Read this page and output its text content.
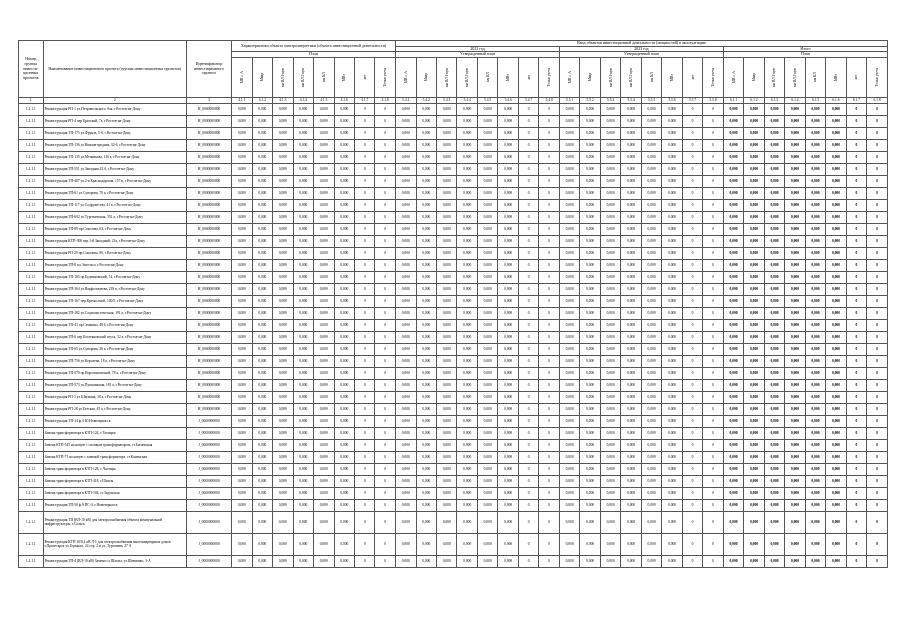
Номер группы инвести-ционных проектов	Наименование инвестиционного проекта (группы инвестиционных проектов)	Идентификатор инвестиционного проекта	Характеристики объекта электроэнергетики (объекта инвестиционной деятельности)								Ввод объектов инвестиционной деятельности (мощностей) в эксплуатацию																							
											2021 год								2023 год								Итого							
			План								Утвержденный план								Утвержденный план								План							

			МВ×А	Мвар	км ВЛ 1-цеп	км ВЛ 2-цеп	км КЛ	МВт	шт	Точки учета	МВ×А	Мвар	км ВЛ 1-цеп	км ВЛ 2-цеп	км КЛ	МВт	шт	Точки учета	МВ×А	Мвар	км ВЛ 1-цеп	км ВЛ 2-цеп	км КЛ	МВт	шт	Точки учета	МВ×А	Мвар	км ВЛ 1-цеп	км ВЛ 2-цеп	км КЛ	МВт	шт	Точки учета

1	2	3	4.1.1	4.1.2	4.1.3	4.1.4	4.1.5	4.1.6	4.1.7	4.1.8	5.4.1	5.4.2	5.4.3	5.4.4	5.4.5	5.4.6	5.4.7	5.4.8	5.5.1	5.5.2	5.5.3	5.5.4	5.5.5	5.5.6	5.5.7	5.5.8	6.1.1	6.1.2	6.1.3	6.1.4	6.1.5	6.1.6	6.1.7	6.1.8
1.2.1.1	Реконструкция РП-1 ул.Петровольского, бак. г.Ростов-на-Дону	H_0000000000	0,000	0,000	0,000	0,000	0,000	0,000	0	0	0,000	0,000	0,000	0,000	0,000	0,000	0	0	0,000	0,000	0,000	0,000	0,000	0,000	0	0	0,000	0,000	0,000	0,000	0,000	0,000	0	0
1.2.1.1	Реконструкция РП-4 пер.Братский, 7а, г.Ростов-на-Дону	H_0000000000	0,000	0,000	0,000	0,000	0,000	0,000	0	0	0,000	0,000	0,000	0,000	0,000	0,000	0	0	0,000	0,000	0,000	0,000	0,000	0,000	0	0	0,000	0,000	0,000	0,000	0,000	0,000	0	0
1.2.1.1	Реконструкция ТП-175 ул.Фрунзе, 5-б, г.Ростов-на-Дону	H_0000000000	0,000	0,000	0,000	0,000	0,000	0,000	0	0	0,000	0,000	0,000	0,000	0,000	0,000	0	0	0,000	0,000	0,000	0,000	0,000	0,000	0	0	0,000	0,000	0,000	0,000	0,000	0,000	0	0
1.2.1.1	Реконструкция ТП-136 ул.Нижнегородная, 32-б, г.Ростов-на-Дону	H_0000000000	0,000	0,000	0,000	0,000	0,000	0,000	0	0	0,000	0,000	0,000	0,000	0,000	0,000	0	0	0,000	0,000	0,000	0,000	0,000	0,000	0	0	0,000	0,000	0,000	0,000	0,000	0,000	0	0
1.2.1.1	Реконструкция ТП-135 ул.Мечникова, 116 а, г.Ростов-на-Дону	H_0000000000	0,000	0,000	0,000	0,000	0,000	0,000	0	0	0,000	0,000	0,000	0,000	0,000	0,000	0	0	0,000	0,000	0,000	0,000	0,000	0,000	0	0	0,000	0,000	0,000	0,000	0,000	0,000	0	0
1.2.1.1	Реконструкция ТП-551 ул.Западная 22 б, г.Ростов-на-Дону	H_0000000000	0,000	0,000	0,000	0,000	0,000	0,000	0	0	0,000	0,000	0,000	0,000	0,000	0,000	0	0	0,000	0,000	0,000	0,000	0,000	0,000	0	0	0,000	0,000	0,000	0,000	0,000	0,000	0	0
1.2.1.1	Реконструкция ТП-407 ул.2-я Краснодарская, 157 в, г.Ростов-на-Дону	H_0000000000	0,000	0,000	0,000	0,000	0,000	0,000	0	0	0,000	0,000	0,000	0,000	0,000	0,000	0	0	0,000	0,000	0,000	0,000	0,000	0,000	0	0	0,000	0,000	0,000	0,000	0,000	0,000	0	0
1.2.1.1	Реконструкция ТП-61 ул.Суворова, 70 а, г.Ростов-на-Дону	H_0000000000	0,000	0,000	0,000	0,000	0,000	0,000	0	0	0,000	0,000	0,000	0,000	0,000	0,000	0	0	0,000	0,000	0,000	0,000	0,000	0,000	0	0	0,000	0,000	0,000	0,000	0,000	0,000	0	0
1.2.1.1	Реконструкция ТП-117 ул.Содружества, 41 в, г.Ростов-на-Дону	H_0000000000	0,000	0,000	0,000	0,000	0,000	0,000	0	0	0,000	0,000	0,000	0,000	0,000	0,000	0	0	0,000	0,000	0,000	0,000	0,000	0,000	0	0	0,000	0,000	0,000	0,000	0,000	0,000	0	0
1.2.1.1	Реконструкция ТП-602 ул.Тургеневская, 351 а, г.Ростов-на-Дону	H_0000000000	0,000	0,000	0,000	0,000	0,000	0,000	0	0	0,000	0,000	0,000	0,000	0,000	0,000	0	0	0,000	0,000	0,000	0,000	0,000	0,000	0	0	0,000	0,000	0,000	0,000	0,000	0,000	0	0
1.2.1.1	Реконструкция ТП-89 пр.Соколова, 63, г.Ростов-на-Дону	H_0000000000	0,000	0,000	0,000	0,000	0,000	0,000	0	0	0,000	0,000	0,000	0,000	0,000	0,000	0	0	0,000	0,000	0,000	0,000	0,000	0,000	0	0	0,000	0,000	0,000	0,000	0,000	0,000	0	0
1.2.1.1	Реконструкция КТП-300 пер.1-й Западный, 21а, г.Ростов-на-Дону	H_0000000000	0,000	0,000	0,000	0,000	0,000	0,000	0	0	0,000	0,000	0,000	0,000	0,000	0,000	0	0	0,000	0,000	0,000	0,000	0,000	0,000	0	0	0,000	0,000	0,000	0,000	0,000	0,000	0	0
1.2.1.1	Реконструкция РП-29 пр.Соколова, 80, г.Ростов-на-Дону	H_0000000000	0,000	0,000	0,000	0,000	0,000	0,000	0	0	0,000	0,000	0,000	0,000	0,000	0,000	0	0	0,000	0,000	0,000	0,000	0,000	0,000	0	0	0,000	0,000	0,000	0,000	0,000	0,000	0	0
1.2.1.1	Реконструкция ТП-8 пл.Энгельса, г.Ростов-на-Дону	H_0000000000	0,000	0,000	0,000	0,000	0,000	0,000	0	0	0,000	0,000	0,000	0,000	0,000	0,000	0	0	0,000	0,000	0,000	0,000	0,000	0,000	0	0	0,000	0,000	0,000	0,000	0,000	0,000	0	0
1.2.1.1	Реконструкция ТП-165 пр.Буденновский, 74, г.Ростов-на-Дону	H_0000000000	0,000	0,000	0,000	0,000	0,000	0,000	0	0	0,000	0,000	0,000	0,000	0,000	0,000	0	0	0,000	0,000	0,000	0,000	0,000	0,000	0	0	0,000	0,000	0,000	0,000	0,000	0,000	0	0
1.2.1.1	Реконструкция ТП-364 ул.Варфоломеева, 218 в, г.Ростов-на-Дону	H_0000000000	0,000	0,000	0,000	0,000	0,000	0,000	0	0	0,000	0,000	0,000	0,000	0,000	0,000	0	0	0,000	0,000	0,000	0,000	0,000	0,000	0	0	0,000	0,000	0,000	0,000	0,000	0,000	0	0
1.2.1.1	Реконструкция ТП-167 пер.Крепостной, 100/5, г.Ростов-на-Дону	H_0000000000	0,000	0,000	0,000	0,000	0,000	0,000	0	0	0,000	0,000	0,000	0,000	0,000	0,000	0	0	0,000	0,000	0,000	0,000	0,000	0,000	0	0	0,000	0,000	0,000	0,000	0,000	0,000	0	0
1.2.1.1	Реконструкция ТП-182 ул.Социалистическая, 191 а, г.Ростов-на-Дону	H_0000000000	0,000	0,000	0,000	0,000	0,000	0,000	0	0	0,000	0,000	0,000	0,000	0,000	0,000	0	0	0,000	0,000	0,000	0,000	0,000	0,000	0	0	0,000	0,000	0,000	0,000	0,000	0,000	0	0
1.2.1.1	Реконструкция ТП-41 пр.Семашко, 48 б, г.Ростов-на-Дону	H_0000000000	0,000	0,000	0,000	0,000	0,000	0,000	0	0	0,000	0,000	0,000	0,000	0,000	0,000	0	0	0,000	0,000	0,000	0,000	0,000	0,000	0	0	0,000	0,000	0,000	0,000	0,000	0,000	0	0
1.2.1.1	Реконструкция ТП-6 пер.Богатяновский спуск, 32 а, г.Ростов-на-Дону	H_0000000000	0,000	0,000	0,000	0,000	0,000	0,000	0	0	0,000	0,000	0,000	0,000	0,000	0,000	0	0	0,000	0,000	0,000	0,000	0,000	0,000	0	0	0,000	0,000	0,000	0,000	0,000	0,000	0	0
1.2.1.1	Реконструкция ТП-65 ул.Суворова, 26 а, г.Ростов-на-Дону	H_0000000000	0,000	0,000	0,000	0,000	0,000	0,000	0	0	0,000	0,000	0,000	0,000	0,000	0,000	0	0	0,000	0,000	0,000	0,000	0,000	0,000	0	0	0,000	0,000	0,000	0,000	0,000	0,000	0	0
1.2.1.1	Реконструкция ТП-756 ул.Королева, 18 а, г.Ростов-на-Дону	H_0000000000	0,000	0,000	0,000	0,000	0,000	0,000	0	0	0,000	0,000	0,000	0,000	0,000	0,000	0	0	0,000	0,000	0,000	0,000	0,000	0,000	0	0	0,000	0,000	0,000	0,000	0,000	0,000	0	0
1.2.1.1	Реконструкция ТП-570 пр.Ворошиловский, 78 а, г.Ростов-на-Дону	H_0000000000	0,000	0,000	0,000	0,000	0,000	0,000	0	0	0,000	0,000	0,000	0,000	0,000	0,000	0	0	0,000	0,000	0,000	0,000	0,000	0,000	0	0	0,000	0,000	0,000	0,000	0,000	0,000	0	0
1.2.1.1	Реконструкция ТП-573 ул.Пушкинская, 181 а, г.Ростов-на-Дону	H_0000000000	0,000	0,000	0,000	0,000	0,000	0,000	0	0	0,000	0,000	0,000	0,000	0,000	0,000	0	0	0,000	0,000	0,000	0,000	0,000	0,000	0	0	0,000	0,000	0,000	0,000	0,000	0,000	0	0
1.2.1.1	Реконструкция РП-3 ул.Шаумяна, 18 а, г.Ростов-на-Дону	H_0000000000	0,000	0,000	0,000	0,000	0,000	0,000	0	0	0,000	0,000	0,000	0,000	0,000	0,000	0	0	0,000	0,000	0,000	0,000	0,000	0,000	0	0	0,000	0,000	0,000	0,000	0,000	0,000	0	0
1.2.1.1	Реконструкция РП-28 ул.Бетская, 45 а, г.Ростов-на-Дону	H_0000000000	0,000	0,000	0,000	0,000	0,000	0,000	0	0	0,000	0,000	0,000	0,000	0,000	0,000	0	0	0,000	0,000	0,000	0,000	0,000	0,000	0	0	0,000	0,000	0,000	0,000	0,000	0,000	0	0
1.2.1.1	Реконструкция ТП-14 ф.4 Ю.Новочеркасск	J_0000000000	0,000	0,000	0,000	0,000	0,000	0,000	0	0	0,000	0,000	0,000	0,000	0,000	0,000	0	0	0,000	0,000	0,000	0,000	0,000	0,000	0	0	0,000	0,000	0,000	0,000	0,000	0,000	0	0
1.2.1.1	Замена трансформатора в КТП-124, г.Таганрог	J_0000000000	0,000	0,000	0,000	0,000	0,000	0,000	0	0	0,000	0,000	0,000	0,000	0,000	0,000	0	0	0,000	0,000	0,000	0,000	0,000	0,000	0	0	0,000	0,000	0,000	0,000	0,000	0,000	0	0
1.2.1.1	Замена КТП-545 на новую с силовым трансформатором, ст.Багаевская	J_0000000000	0,000	0,000	0,000	0,000	0,000	0,000	0	0	0,000	0,000	0,000	0,000	0,000	0,000	0	0	0,000	0,000	0,000	0,000	0,000	0,000	0	0	0,000	0,000	0,000	0,000	0,000	0,000	0	0
1.2.1.1	Замена КТП-71 на новую с заменой трансформатора, ст.Каменская	J_0000000000	0,000	0,000	0,000	0,000	0,000	0,000	0	0	0,000	0,000	0,000	0,000	0,000	0,000	0	0	0,000	0,000	0,000	0,000	0,000	0,000	0	0	0,000	0,000	0,000	0,000	0,000	0,000	0	0
1.2.1.1	Замена трансформатора в КТП-128, с.Чалтырь	J_0000000000	0,000	0,000	0,000	0,000	0,000	0,000	0	0	0,000	0,000	0,000	0,000	0,000	0,000	0	0	0,000	0,000	0,000	0,000	0,000	0,000	0	0	0,000	0,000	0,000	0,000	0,000	0,000	0	0
1.2.1.1	Замена трансформатора в КТП-418, г.Шахты	J_0000000000	0,000	0,000	0,000	0,000	0,000	0,000	0	0	0,000	0,000	0,000	0,000	0,000	0,000	0	0	0,000	0,000	0,000	0,000	0,000	0,000	0	0	0,000	0,000	0,000	0,000	0,000	0,000	0	0
1.2.1.1	Замена трансформатора в КТП-504, ст.Задонская	J_0000000000	0,000	0,000	0,000	0,000	0,000	0,000	0	0	0,000	0,000	0,000	0,000	0,000	0,000	0	0	0,000	0,000	0,000	0,000	0,000	0,000	0	0	0,000	0,000	0,000	0,000	0,000	0,000	0	0
1.2.1.1	Реконструкция ТП-56 ф.9 ПС-4, г.Новочеркасск	J_0000000000	0,000	0,000	0,000	0,000	0,000	0,000	0	0	0,000	0,000	0,000	0,000	0,000	0,000	0	0	0,000	0,000	0,000	0,000	0,000	0,000	0	0	0,000	0,000	0,000	0,000	0,000	0,000	0	0
1.2.1.1	Реконструкция ТП (ВЛ-10 кВ) для электроснабжения объекта коммунальной инфраструктуры, г.Сальск	J_0000000000	0,000	0,000	0,000	0,000	0,000	0,000	0	0	0,000	0,000	0,000	0,000	0,000	0,000	0	0	0,000	0,000	0,000	0,000	0,000	0,000	0	0	0,000	0,000	0,000	0,000	0,000	0,000	0	0
1.2.1.1	Реконструкция КТП 10/0,4 кВ Л-1 для электроснабжения многоквартирных домов г.Пролетарск ул.Горького, 24 стр. 2 и ул. Тургенева, 27 А	J_0000000000	0,000	0,000	0,000	0,000	0,000	0,000	0	0	0,000	0,000	0,000	0,000	0,000	0,000	0	0	0,000	0,000	0,000	0,000	0,000	0,000	0	0	0,000	0,000	0,000	0,000	0,000	0,000	0	0
1.2.1.1	Реконструкция ТП-4 (ВЛ-10 кВ) Замена сл.Шахты, ул.Шевченко, 3-А	J_0000000000	0,000	0,000	0,000	0,000	0,000	0,000	0	0	0,000	0,000	0,000	0,000	0,000	0,000	0	0	0,000	0,000	0,000	0,000	0,000	0,000	0	0	0,000	0,000	0,000	0,000	0,000	0,000	0	0
